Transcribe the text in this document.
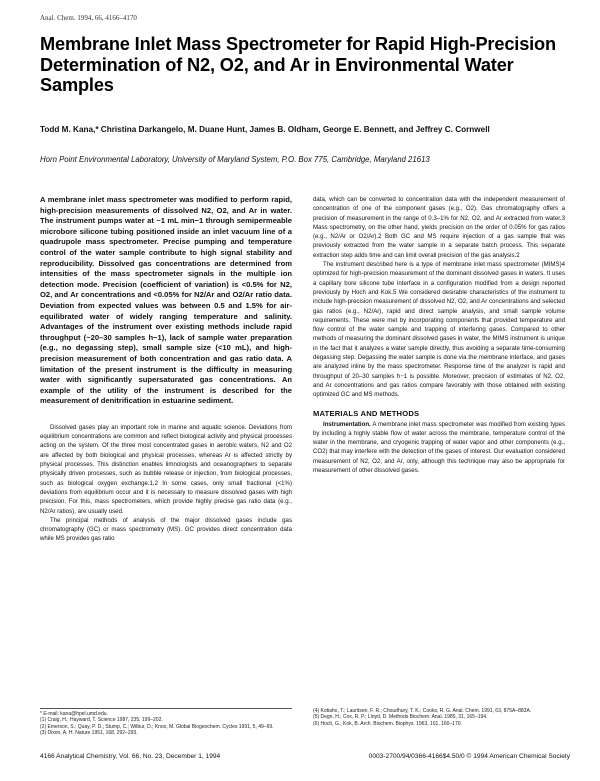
Anal. Chem. 1994, 66, 4166–4170
Membrane Inlet Mass Spectrometer for Rapid High-Precision Determination of N2, O2, and Ar in Environmental Water Samples
Todd M. Kana,* Christina Darkangelo, M. Duane Hunt, James B. Oldham, George E. Bennett, and Jeffrey C. Cornwell
Horn Point Environmental Laboratory, University of Maryland System, P.O. Box 775, Cambridge, Maryland 21613

A membrane inlet mass spectrometer was modified to perform rapid, high-precision measurements of dissolved N2, O2, and Ar in water. The instrument pumps water at ~1 mL min−1 through semipermeable microbore silicone tubing positioned inside an inlet vacuum line of a quadrupole mass spectrometer. Precise pumping and temperature control of the water sample contribute to high signal stability and reproducibility. Dissolved gas concentrations are determined from intensities of the mass spectrometer signals in the multiple ion detection mode. Precision (coefficient of variation) is <0.5% for N2, O2, and Ar concentrations and <0.05% for N2/Ar and O2/Ar ratio data. Deviation from expected values was between 0.5 and 1.5% for air-equilibrated water of widely ranging temperature and salinity. Advantages of the instrument over existing methods include rapid throughput (~20–30 samples h−1), lack of sample water preparation (e.g., no degassing step), small sample size (<10 mL), and high-precision measurement of both concentration and gas ratio data. A limitation of the present instrument is the difficulty in measuring water with significantly supersaturated gas concentrations. An example of the utility of the instrument is described for the measurement of denitrification in estuarine sediment.

Dissolved gases play an important role in marine and aquatic science. Deviations from equilibrium concentrations are common and reflect biological activity and physical processes acting on the system. Of the three most concentrated gases in aerobic waters, N2 and O2 are affected by both biological and physical processes, whereas Ar is affected strictly by physical processes. This distinction enables limnologists and oceanographers to separate physically driven processes, such as bubble release or injection, from biological processes, such as biological oxygen exchange.1,2 In some cases, only small fractional (<1%) deviations from equilibrium occur and it is necessary to measure dissolved gases with high precision. For this, mass spectrometers, which provide highly precise gas ratio data (e.g., N2/Ar ratios), are usually used.

The principal methods of analysis of the major dissolved gases include gas chromatography (GC) or mass spectrometry (MS). GC provides direct concentration data while MS provides gas ratio

data, which can be converted to concentration data with the independent measurement of concentration of one of the component gases (e.g., O2). Gas chromatography offers a precision of measurement in the range of 0.3–1% for N2, O2, and Ar extracted from water.3 Mass spectrometry, on the other hand, yields precision on the order of 0.05% for gas ratios (e.g., N2/Ar or O2/Ar).2 Both GC and MS require injection of a gas sample that was previously extracted from the water sample in a separate batch process. This separate extraction step adds time and can limit overall precision of the gas analysis.2

The instrument described here is a type of membrane inlet mass spectrometer (MIMS)4 optimized for high-precision measurement of the dominant dissolved gases in waters. It uses a capillary bore silicone tube interface in a configuration modified from a design reported previously by Hoch and Kok.5 We considered desirable characteristics of the instrument to include high-precision measurement of dissolved N2, O2, and Ar concentrations and selected gas ratios (e.g., N2/Ar), rapid and direct sample analysis, and small sample volume requirements. These were met by incorporating components that provided temperature and flow control of the water sample and trapping of interfering gases. Compared to other methods of measuring the dominant dissolved gases in water, the MIMS instrument is unique in the fact that it analyzes a water sample directly, thus avoiding a separate time-consuming degassing step. Degassing the water sample is done via the membrane interface, and gases are analyzed inline by the mass spectrometer. Response time of the analyzer is rapid and throughput of 20–30 samples h−1 is possible. Moreover, precision of estimates of N2, O2, and Ar concentrations and gas ratios compare favorably with those obtained with existing optimized GC and MS methods.

MATERIALS AND METHODS

Instrumentation. A membrane inlet mass spectrometer was modified from existing types by including a highly stable flow of water across the membrane, temperature control of the water in the membrane, and cryogenic trapping of water vapor and other components (e.g., CO2) that may interfere with the detection of the gases of interest. Our evaluation considered measurement of N2, O2, and Ar, only, although this technique may also be appropriate for measurement of other dissolved gases.

* E-mail: kana@hpel.umd.edu.

(1) Craig, H.; Hayward, T. Science 1987, 235, 199–202.

(2) Emerson, S.; Quay, P. D.; Stump, C.; Wilbur, D.; Knox, M. Global Biogeochem. Cycles 1991, 5, 49–69.

(3) Dixon, A. H. Nature 1951, 168, 292–293.

(4) Kotiaho, T.; Lauritsen, F. R.; Choudhury, T. K.; Cooks, R. G. Anal. Chem. 1991, 63, 875A–883A.

(5) Degn, H.; Cox, R. P.; Lloyd, D. Methods Biochem. Anal. 1985, 31, 165–194.

(6) Hoch, G.; Kok, B. Arch. Biochem. Biophys. 1963, 101, 160–170.

4166 Analytical Chemistry, Vol. 66, No. 23, December 1, 1994	0003-2700/94/0366-4166$4.50/0 © 1994 American Chemical Society
